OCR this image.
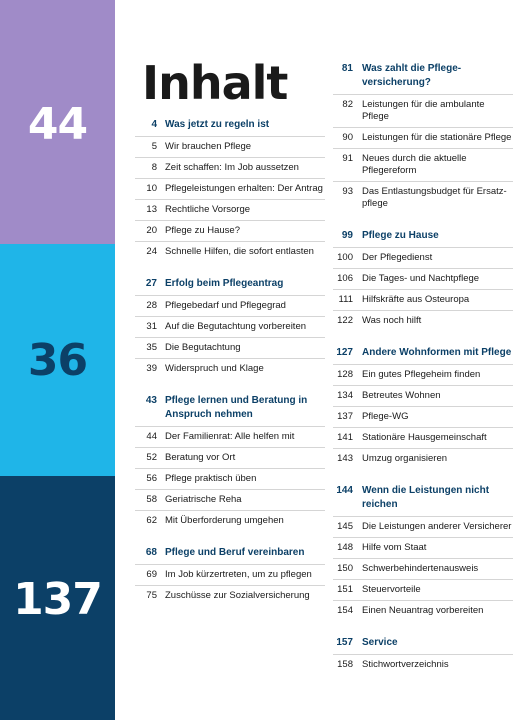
44
36
137
Inhalt
4 Was jetzt zu regeln ist
5 Wir brauchen Pflege
8 Zeit schaffen: Im Job aussetzen
10 Pflegeleistungen erhalten: Der Antrag
13 Rechtliche Vorsorge
20 Pflege zu Hause?
24 Schnelle Hilfen, die sofort entlasten
27 Erfolg beim Pflegeantrag
28 Pflegebedarf und Pflegegrad
31 Auf die Begutachtung vorbereiten
35 Die Begutachtung
39 Widerspruch und Klage
43 Pflege lernen und Beratung in Anspruch nehmen
44 Der Familienrat: Alle helfen mit
52 Beratung vor Ort
56 Pflege praktisch üben
58 Geriatrische Reha
62 Mit Überforderung umgehen
68 Pflege und Beruf vereinbaren
69 Im Job kürzertreten, um zu pflegen
75 Zuschüsse zur Sozialversicherung
81 Was zahlt die Pflege-versicherung?
82 Leistungen für die ambulante Pflege
90 Leistungen für die stationäre Pflege
91 Neues durch die aktuelle Pflegereform
93 Das Entlastungsbudget für Ersatz-pflege
99 Pflege zu Hause
100 Der Pflegedienst
106 Die Tages- und Nachtpflege
111 Hilfskräfte aus Osteuropa
122 Was noch hilft
127 Andere Wohnformen mit Pflege
128 Ein gutes Pflegeheim finden
134 Betreutes Wohnen
137 Pflege-WG
141 Stationäre Hausgemeinschaft
143 Umzug organisieren
144 Wenn die Leistungen nicht reichen
145 Die Leistungen anderer Versicherer
148 Hilfe vom Staat
150 Schwerbehindertenausweis
151 Steuervorteile
154 Einen Neuantrag vorbereiten
157 Service
158 Stichwortverzeichnis
